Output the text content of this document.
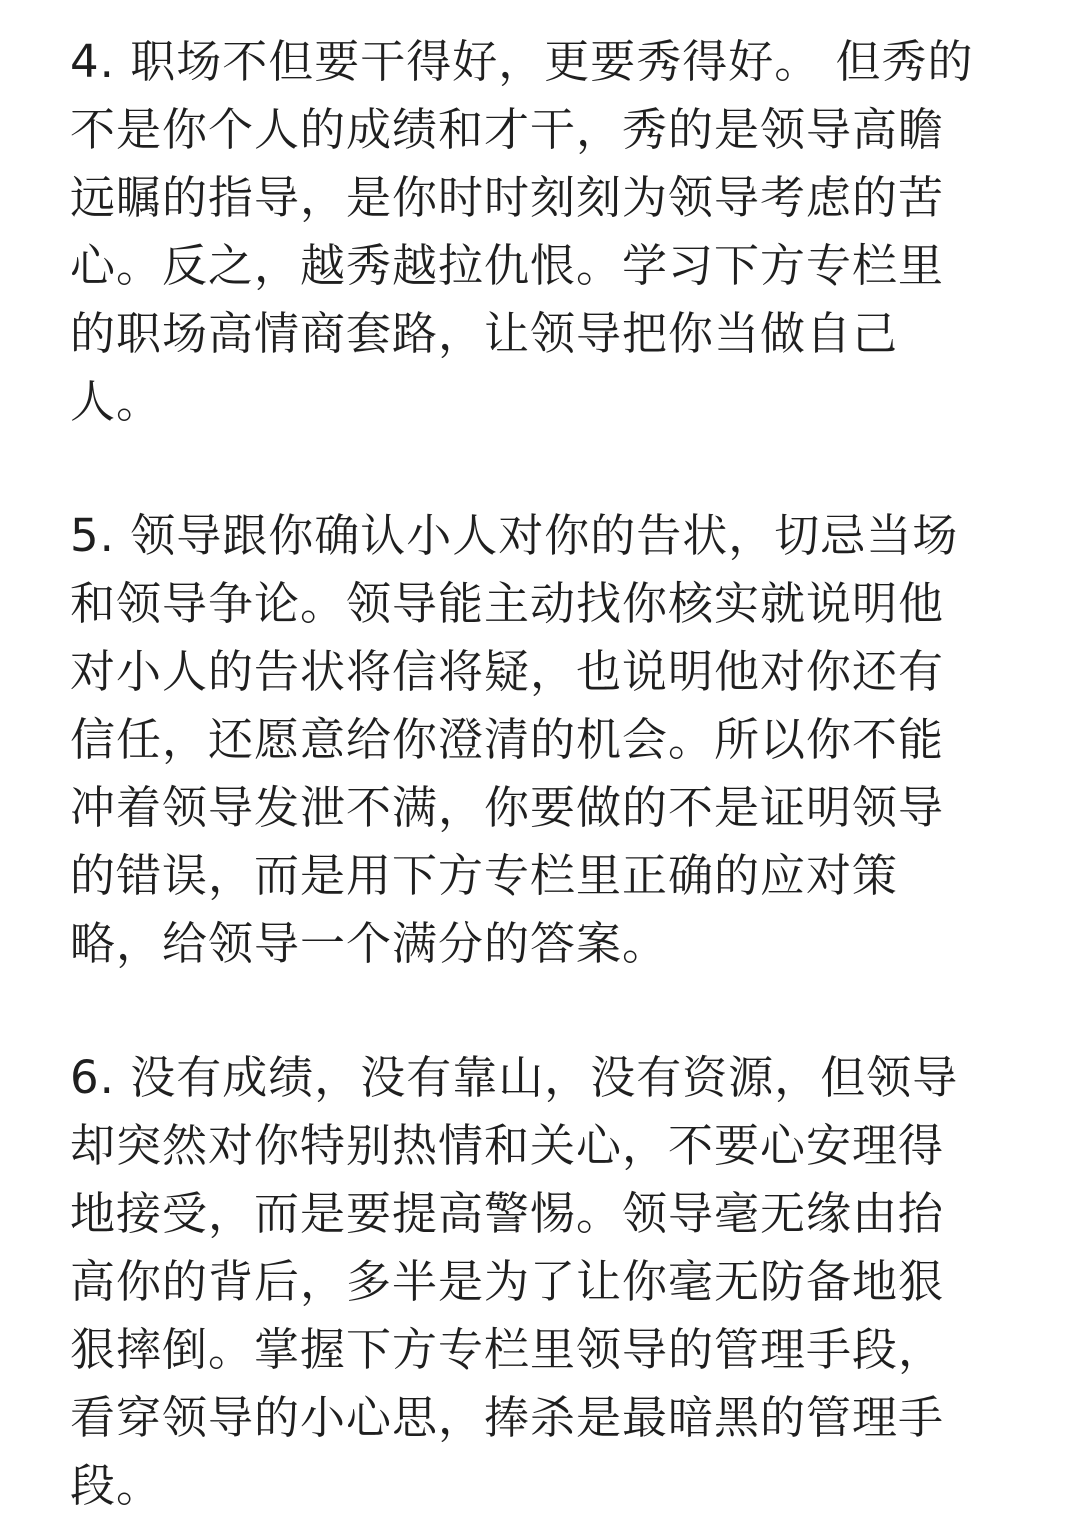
4. 职场不但要干得好，更要秀得好。 但秀的
不是你个人的成绩和才干，秀的是领导高瞻
远瞩的指导，是你时时刻刻为领导考虑的苦
心。反之，越秀越拉仇恨。学习下方专栏里
的职场高情商套路，让领导把你当做自己
人。

5. 领导跟你确认小人对你的告状，切忌当场
和领导争论。领导能主动找你核实就说明他
对小人的告状将信将疑，也说明他对你还有
信任，还愿意给你澄清的机会。所以你不能
冲着领导发泄不满，你要做的不是证明领导
的错误，而是用下方专栏里正确的应对策
略，给领导一个满分的答案。

6. 没有成绩，没有靠山，没有资源，但领导
却突然对你特别热情和关心，不要心安理得
地接受，而是要提高警惕。领导毫无缘由抬
高你的背后，多半是为了让你毫无防备地狠
狠摔倒。掌握下方专栏里领导的管理手段，
看穿领导的小心思，捧杀是最暗黑的管理手
段。
